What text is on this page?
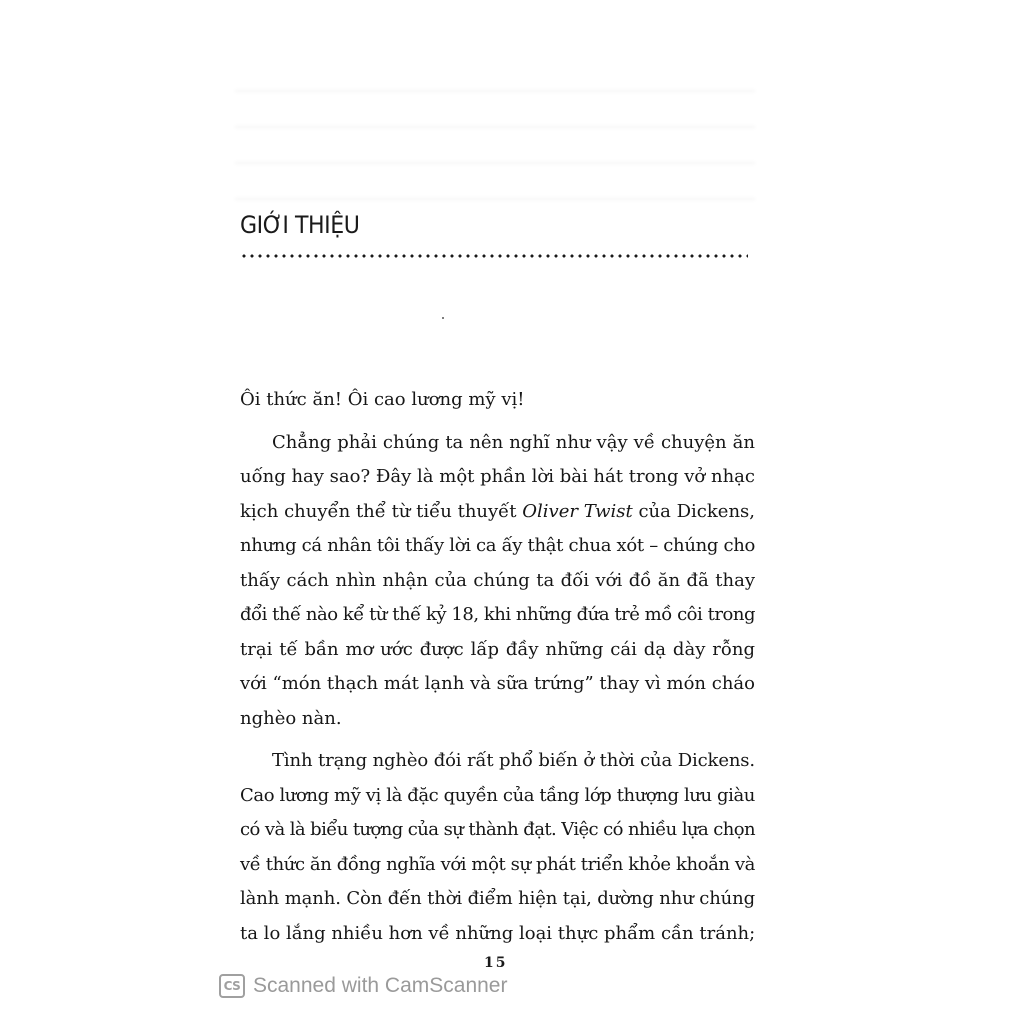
GIỚI THIỆU

Ôi thức ăn! Ôi cao lương mỹ vị!

Chẳng phải chúng ta nên nghĩ như vậy về chuyện ăn
uống hay sao? Đây là một phần lời bài hát trong vở nhạc
kịch chuyển thể từ tiểu thuyết Oliver Twist của Dickens,
nhưng cá nhân tôi thấy lời ca ấy thật chua xót – chúng cho
thấy cách nhìn nhận của chúng ta đối với đồ ăn đã thay
đổi thế nào kể từ thế kỷ 18, khi những đứa trẻ mồ côi trong
trại tế bần mơ ước được lấp đầy những cái dạ dày rỗng
với “món thạch mát lạnh và sữa trứng” thay vì món cháo
nghèo nàn.

Tình trạng nghèo đói rất phổ biến ở thời của Dickens.
Cao lương mỹ vị là đặc quyền của tầng lớp thượng lưu giàu
có và là biểu tượng của sự thành đạt. Việc có nhiều lựa chọn
về thức ăn đồng nghĩa với một sự phát triển khỏe khoắn và
lành mạnh. Còn đến thời điểm hiện tại, dường như chúng
ta lo lắng nhiều hơn về những loại thực phẩm cần tránh;

15
CS Scanned with CamScanner
